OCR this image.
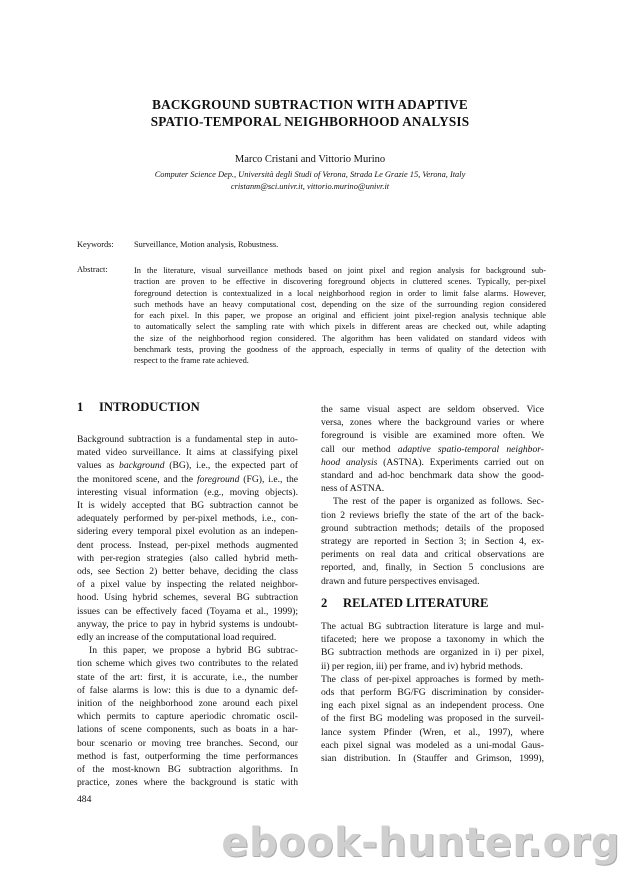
BACKGROUND SUBTRACTION WITH ADAPTIVE
SPATIO-TEMPORAL NEIGHBORHOOD ANALYSIS
Marco Cristani and Vittorio Murino
Computer Science Dep., Università degli Studi of Verona, Strada Le Grazie 15, Verona, Italy
cristanm@sci.univr.it, vittorio.murino@univr.it
Keywords: Surveillance, Motion analysis, Robustness.
Abstract:	In the literature, visual surveillance methods based on joint pixel and region analysis for background sub-
traction are proven to be effective in discovering foreground objects in cluttered scenes. Typically, per-pixel
foreground detection is contextualized in a local neighborhood region in order to limit false alarms. However,
such methods have an heavy computational cost, depending on the size of the surrounding region considered
for each pixel. In this paper, we propose an original and efficient joint pixel-region analysis technique able
to automatically select the sampling rate with which pixels in different areas are checked out, while adapting
the size of the neighborhood region considered. The algorithm has been validated on standard videos with
benchmark tests, proving the goodness of the approach, especially in terms of quality of the detection with
respect to the frame rate achieved.
1 INTRODUCTION
Background subtraction is a fundamental step in auto-
mated video surveillance. It aims at classifying pixel
values as background (BG), i.e., the expected part of
the monitored scene, and the foreground (FG), i.e., the
interesting visual information (e.g., moving objects).
It is widely accepted that BG subtraction cannot be
adequately performed by per-pixel methods, i.e., con-
sidering every temporal pixel evolution as an indepen-
dent process. Instead, per-pixel methods augmented
with per-region strategies (also called hybrid meth-
ods, see Section 2) better behave, deciding the class
of a pixel value by inspecting the related neighbor-
hood. Using hybrid schemes, several BG subtraction
issues can be effectively faced (Toyama et al., 1999);
anyway, the price to pay in hybrid systems is undoubt-
edly an increase of the computational load required.
In this paper, we propose a hybrid BG subtrac-
tion scheme which gives two contributes to the related
state of the art: first, it is accurate, i.e., the number
of false alarms is low: this is due to a dynamic def-
inition of the neighborhood zone around each pixel
which permits to capture aperiodic chromatic oscil-
lations of scene components, such as boats in a har-
bour scenario or moving tree branches. Second, our
method is fast, outperforming the time performances
of the most-known BG subtraction algorithms. In
practice, zones where the background is static with
the same visual aspect are seldom observed. Vice
versa, zones where the background varies or where
foreground is visible are examined more often. We
call our method adaptive spatio-temporal neighbor-
hood analysis (ASTNA). Experiments carried out on
standard and ad-hoc benchmark data show the good-
ness of ASTNA.
The rest of the paper is organized as follows. Sec-
tion 2 reviews briefly the state of the art of the back-
ground subtraction methods; details of the proposed
strategy are reported in Section 3; in Section 4, ex-
periments on real data and critical observations are
reported, and, finally, in Section 5 conclusions are
drawn and future perspectives envisaged.
2 RELATED LITERATURE
The actual BG subtraction literature is large and mul-
tifaceted; here we propose a taxonomy in which the
BG subtraction methods are organized in i) per pixel,
ii) per region, iii) per frame, and iv) hybrid methods.
The class of per-pixel approaches is formed by meth-
ods that perform BG/FG discrimination by consider-
ing each pixel signal as an independent process. One
of the first BG modeling was proposed in the surveil-
lance system Pfinder (Wren, et al., 1997), where
each pixel signal was modeled as a uni-modal Gaus-
sian distribution. In (Stauffer and Grimson, 1999),
484
ebook-hunter.org
